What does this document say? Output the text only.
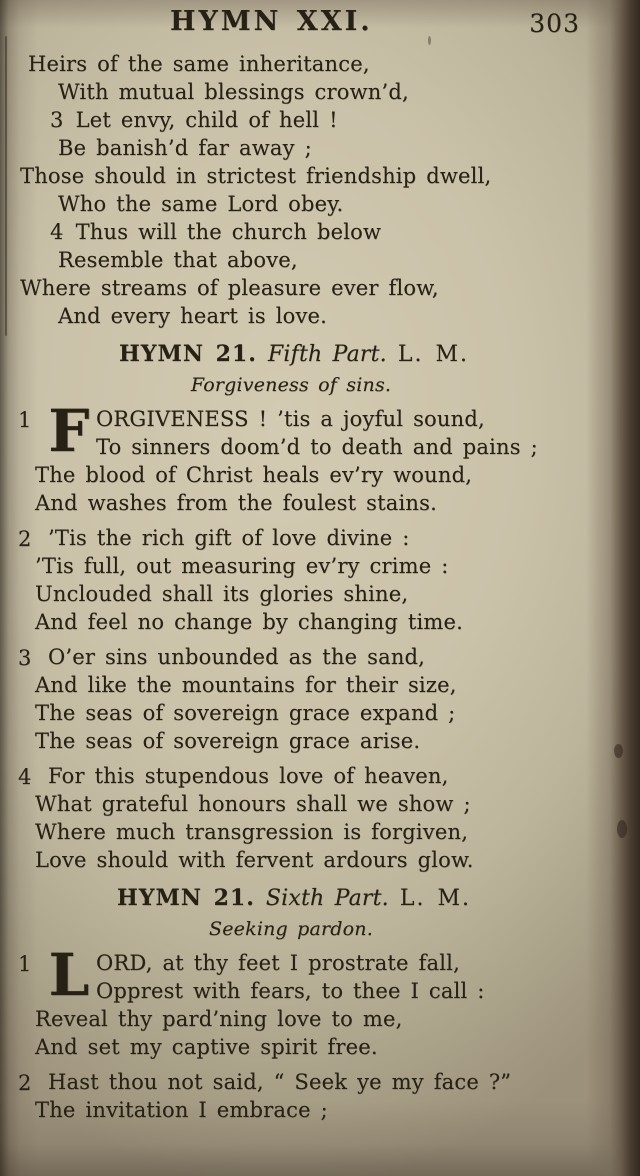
HYMN XXI.	303
Heirs of the same inheritance,
With mutual blessings crown’d,
3 Let envy, child of hell !
Be banish’d far away ;
Those should in strictest friendship dwell,
Who the same Lord obey.
4 Thus will the church below
Resemble that above,
Where streams of pleasure ever flow,
And every heart is love.
HYMN 21. Fifth Part. L. M.
Forgiveness of sins.
1 F ORGIVENESS ! ’tis a joyful sound,
To sinners doom’d to death and pains ;
The blood of Christ heals ev’ry wound,
And washes from the foulest stains.
2 ’Tis the rich gift of love divine :
’Tis full, out measuring ev’ry crime :
Unclouded shall its glories shine,
And feel no change by changing time.
3 O’er sins unbounded as the sand,
And like the mountains for their size,
The seas of sovereign grace expand ;
The seas of sovereign grace arise.
4 For this stupendous love of heaven,
What grateful honours shall we show ;
Where much transgression is forgiven,
Love should with fervent ardours glow.
HYMN 21. Sixth Part. L. M.
Seeking pardon.
1 L ORD, at thy feet I prostrate fall,
Opprest with fears, to thee I call :
Reveal thy pard’ning love to me,
And set my captive spirit free.
2 Hast thou not said, “ Seek ye my face ?”
The invitation I embrace ;
